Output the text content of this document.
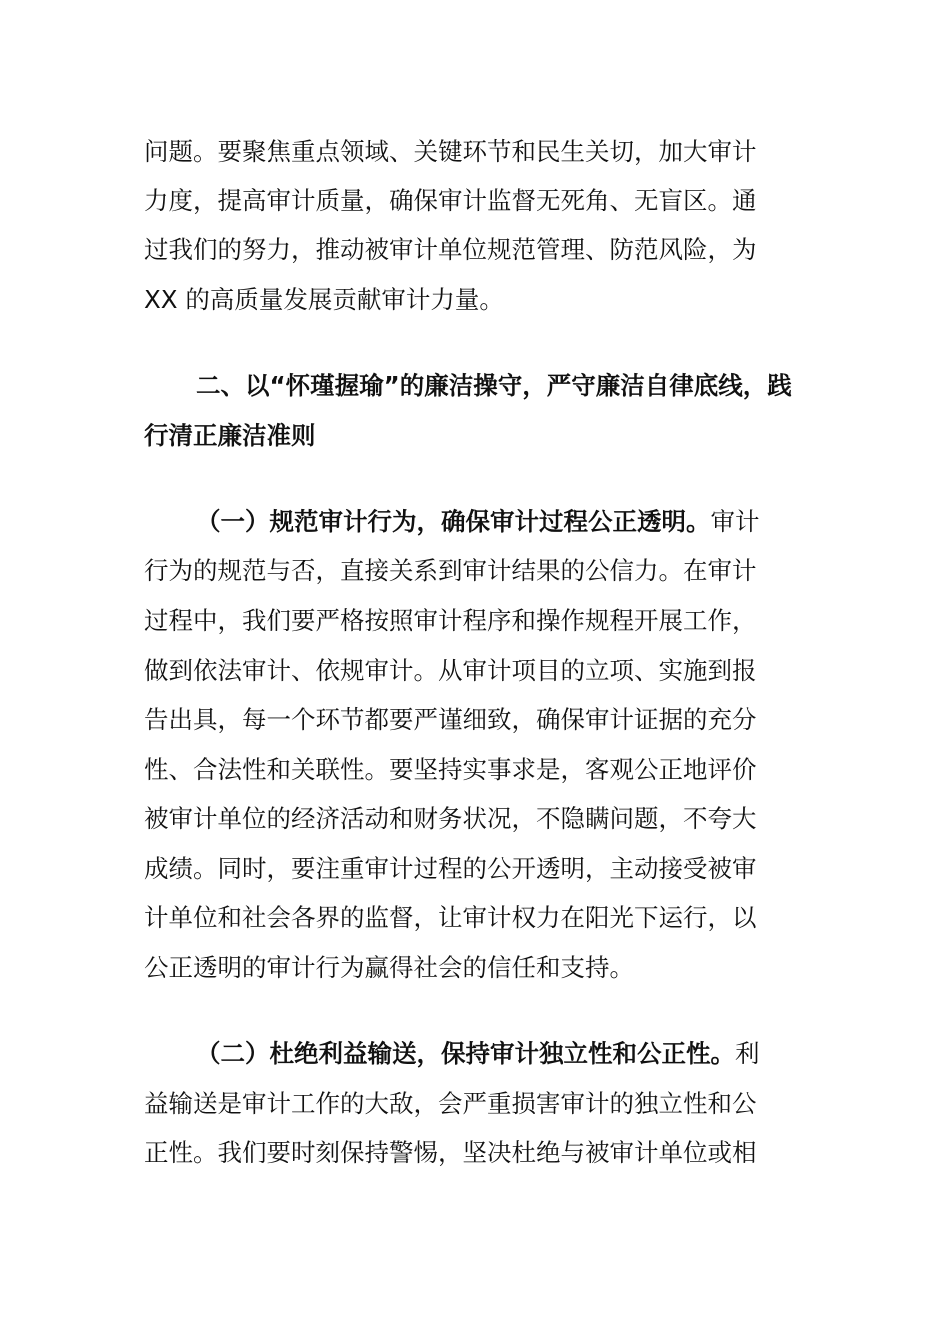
问题。要聚焦重点领域、关键环节和民生关切，加大审计
力度，提高审计质量，确保审计监督无死角、无盲区。通
过我们的努力，推动被审计单位规范管理、防范风险，为
XX 的高质量发展贡献审计力量。
二、以“怀瑾握瑜”的廉洁操守，严守廉洁自律底线，践
行清正廉洁准则
（一）规范审计行为，确保审计过程公正透明。审计
行为的规范与否，直接关系到审计结果的公信力。在审计
过程中，我们要严格按照审计程序和操作规程开展工作，
做到依法审计、依规审计。从审计项目的立项、实施到报
告出具，每一个环节都要严谨细致，确保审计证据的充分
性、合法性和关联性。要坚持实事求是，客观公正地评价
被审计单位的经济活动和财务状况，不隐瞒问题，不夸大
成绩。同时，要注重审计过程的公开透明，主动接受被审
计单位和社会各界的监督，让审计权力在阳光下运行，以
公正透明的审计行为赢得社会的信任和支持。
（二）杜绝利益输送，保持审计独立性和公正性。利
益输送是审计工作的大敌，会严重损害审计的独立性和公
正性。我们要时刻保持警惕，坚决杜绝与被审计单位或相
